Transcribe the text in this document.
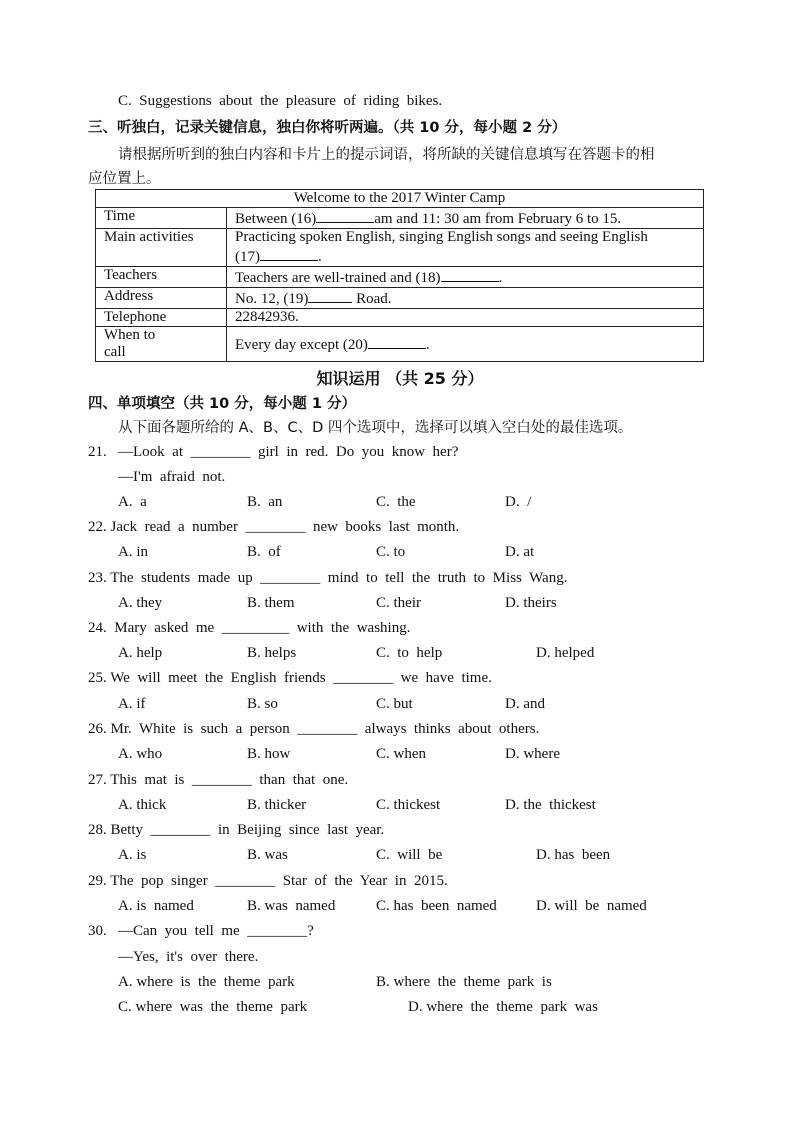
C.  Suggestions  about  the  pleasure  of  riding  bikes.
三、听独白，记录关键信息，独白你将听两遍。（共 10 分，每小题 2 分）
请根据所听到的独白内容和卡片上的提示词语，将所缺的关键信息填写在答题卡的相
应位置上。
Welcome to the 2017 Winter Camp	
Time	Between (16) am and 11: 30 am from February 6 to 15.
Main activities	Practicing spoken English, singing English songs and seeing English
(17) .
Teachers	Teachers are well-trained and (18) .
Address	No. 12, (19) Road.
Telephone	22842936.
When to
call	Every day except (20) .
知识运用 （共 25 分）
四、单项填空（共 10 分，每小题 1 分）
从下面各题所给的 A、B、C、D 四个选项中，选择可以填入空白处的最佳选项。
21.   —Look  at  ________  girl  in  red.  Do  you  know  her?
—I'm  afraid  not.
A.  a	B.  an	C.  the	D.  /
22. Jack  read  a  number  ________  new  books  last  month.
A. in	B.  of	C. to	D. at
23. The  students  made  up  ________  mind  to  tell  the  truth  to  Miss  Wang.
A. they	B. them	C. their	D. theirs
24.  Mary  asked  me  _________  with  the  washing.
A. help	B. helps	C.  to  help	D. helped
25. We  will  meet  the  English  friends  ________  we  have  time.
A. if	B. so	C. but	D. and
26. Mr.  White  is  such  a  person  ________  always  thinks  about  others.
A. who	B. how	C. when	D. where
27. This  mat  is  ________  than  that  one.
A. thick	B. thicker	C. thickest	D. the  thickest
28. Betty  ________  in  Beijing  since  last  year.
A. is	B. was	C.  will  be	D. has  been
29. The  pop  singer  ________  Star  of  the  Year  in  2015.
A. is  named	B. was  named	C. has  been  named	D. will  be  named
30.   —Can  you  tell  me  ________?
—Yes,  it's  over  there.
A. where  is  the  theme  park	B. where  the  theme  park  is
C. where  was  the  theme  park	D. where  the  theme  park  was
